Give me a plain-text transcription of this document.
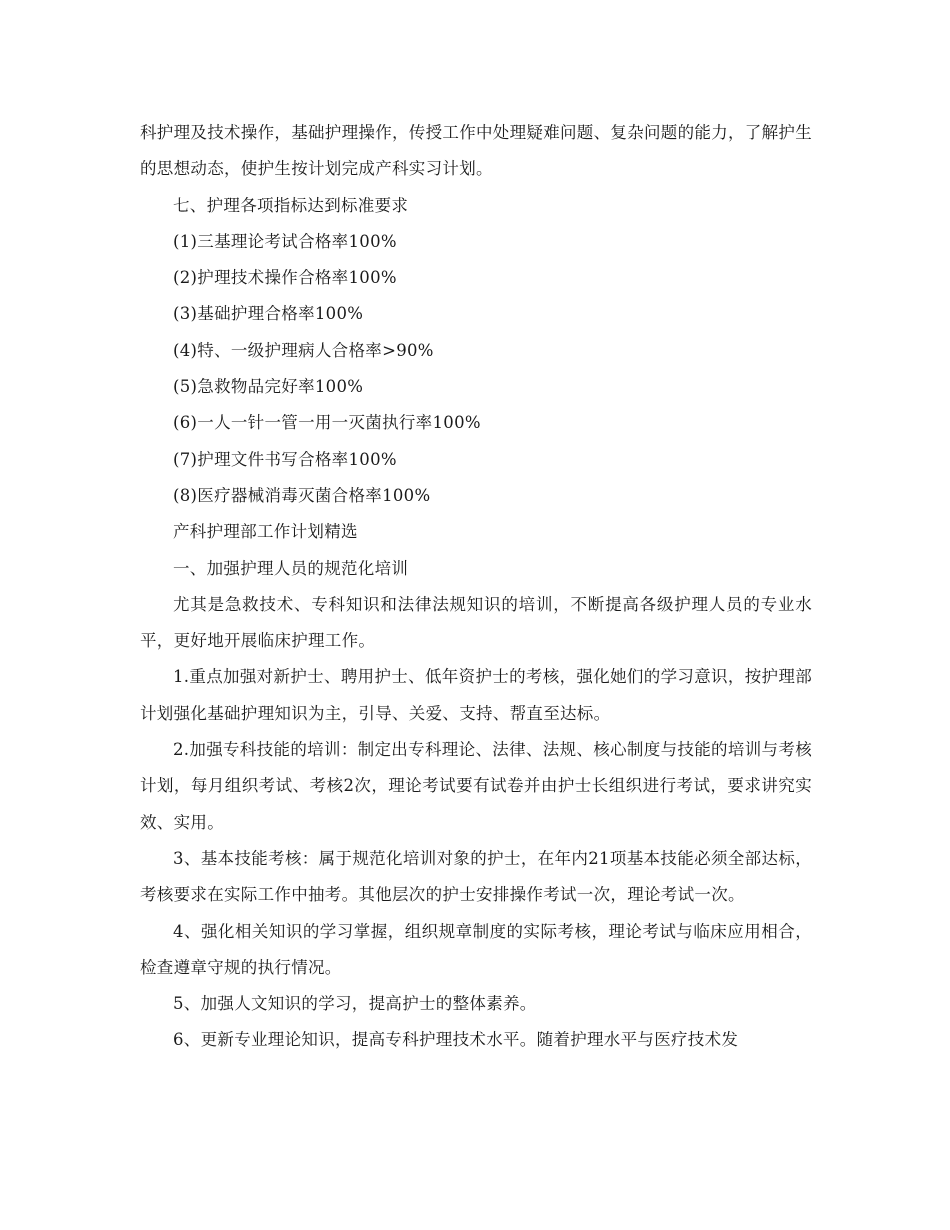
科护理及技术操作，基础护理操作，传授工作中处理疑难问题、复杂问题的能力，了解护生的思想动态，使护生按计划完成产科实习计划。

七、护理各项指标达到标准要求

(1)三基理论考试合格率100%

(2)护理技术操作合格率100%

(3)基础护理合格率100%

(4)特、一级护理病人合格率>90%

(5)急救物品完好率100%

(6)一人一针一管一用一灭菌执行率100%

(7)护理文件书写合格率100%

(8)医疗器械消毒灭菌合格率100%

产科护理部工作计划精选

一、加强护理人员的规范化培训

尤其是急救技术、专科知识和法律法规知识的培训，不断提高各级护理人员的专业水平，更好地开展临床护理工作。

1.重点加强对新护士、聘用护士、低年资护士的考核，强化她们的学习意识，按护理部计划强化基础护理知识为主，引导、关爱、支持、帮直至达标。

2.加强专科技能的培训：制定出专科理论、法律、法规、核心制度与技能的培训与考核计划，每月组织考试、考核2次，理论考试要有试卷并由护士长组织进行考试，要求讲究实效、实用。

3、基本技能考核：属于规范化培训对象的护士，在年内21项基本技能必须全部达标，考核要求在实际工作中抽考。其他层次的护士安排操作考试一次，理论考试一次。

4、强化相关知识的学习掌握，组织规章制度的实际考核，理论考试与临床应用相合，检查遵章守规的执行情况。

5、加强人文知识的学习，提高护士的整体素养。

6、更新专业理论知识，提高专科护理技术水平。随着护理水平与医疗技术发
